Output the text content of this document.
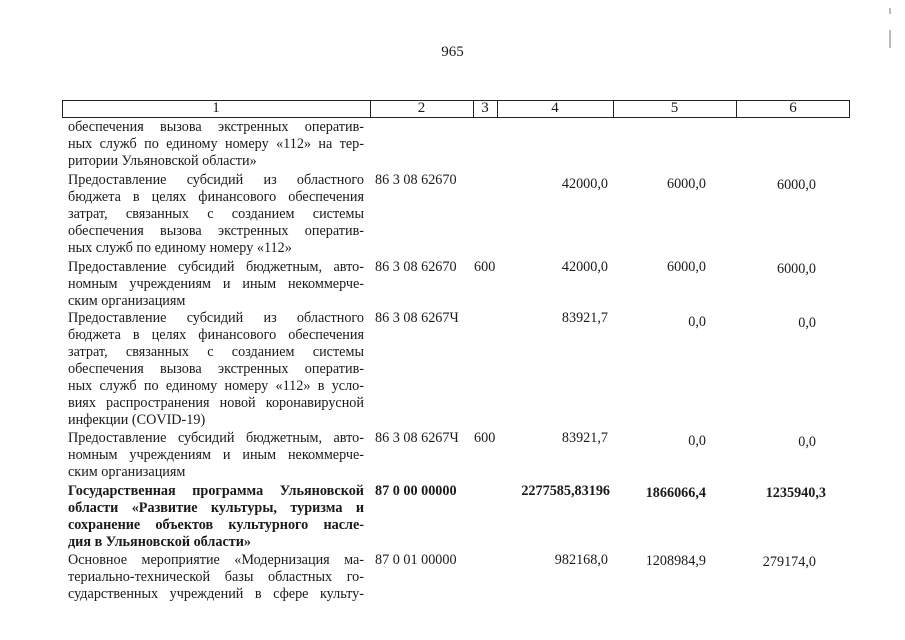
965
1	2	3	4	5	6
обеспечения вызова экстренных оператив-
ных служб по единому номеру «112» на тер-
ритории Ульяновской области»
Предоставление субсидий из областного
бюджета в целях финансового обеспечения
затрат, связанных с созданием системы
обеспечения вызова экстренных оператив-
ных служб по единому номеру «112»
86 3 08 62670	42000,0	6000,0	6000,0
Предоставление субсидий бюджетным, авто-
номным учреждениям и иным некоммерче-
ским организациям
86 3 08 62670 600	42000,0	6000,0	6000,0
Предоставление субсидий из областного
бюджета в целях финансового обеспечения
затрат, связанных с созданием системы
обеспечения вызова экстренных оператив-
ных служб по единому номеру «112» в усло-
виях распространения новой коронавирусной
инфекции (COVID-19)
86 3 08 6267Ч	83921,7	0,0	0,0
Предоставление субсидий бюджетным, авто-
номным учреждениям и иным некоммерче-
ским организациям
86 3 08 6267Ч 600	83921,7	0,0	0,0
Государственная программа Ульяновской
области «Развитие культуры, туризма и
сохранение объектов культурного насле-
дия в Ульяновской области»
87 0 00 00000	2277585,83196	1866066,4	1235940,3
Основное мероприятие «Модернизация ма-
териально-технической базы областных го-
сударственных учреждений в сфере культу-
87 0 01 00000	982168,0	1208984,9	279174,0
